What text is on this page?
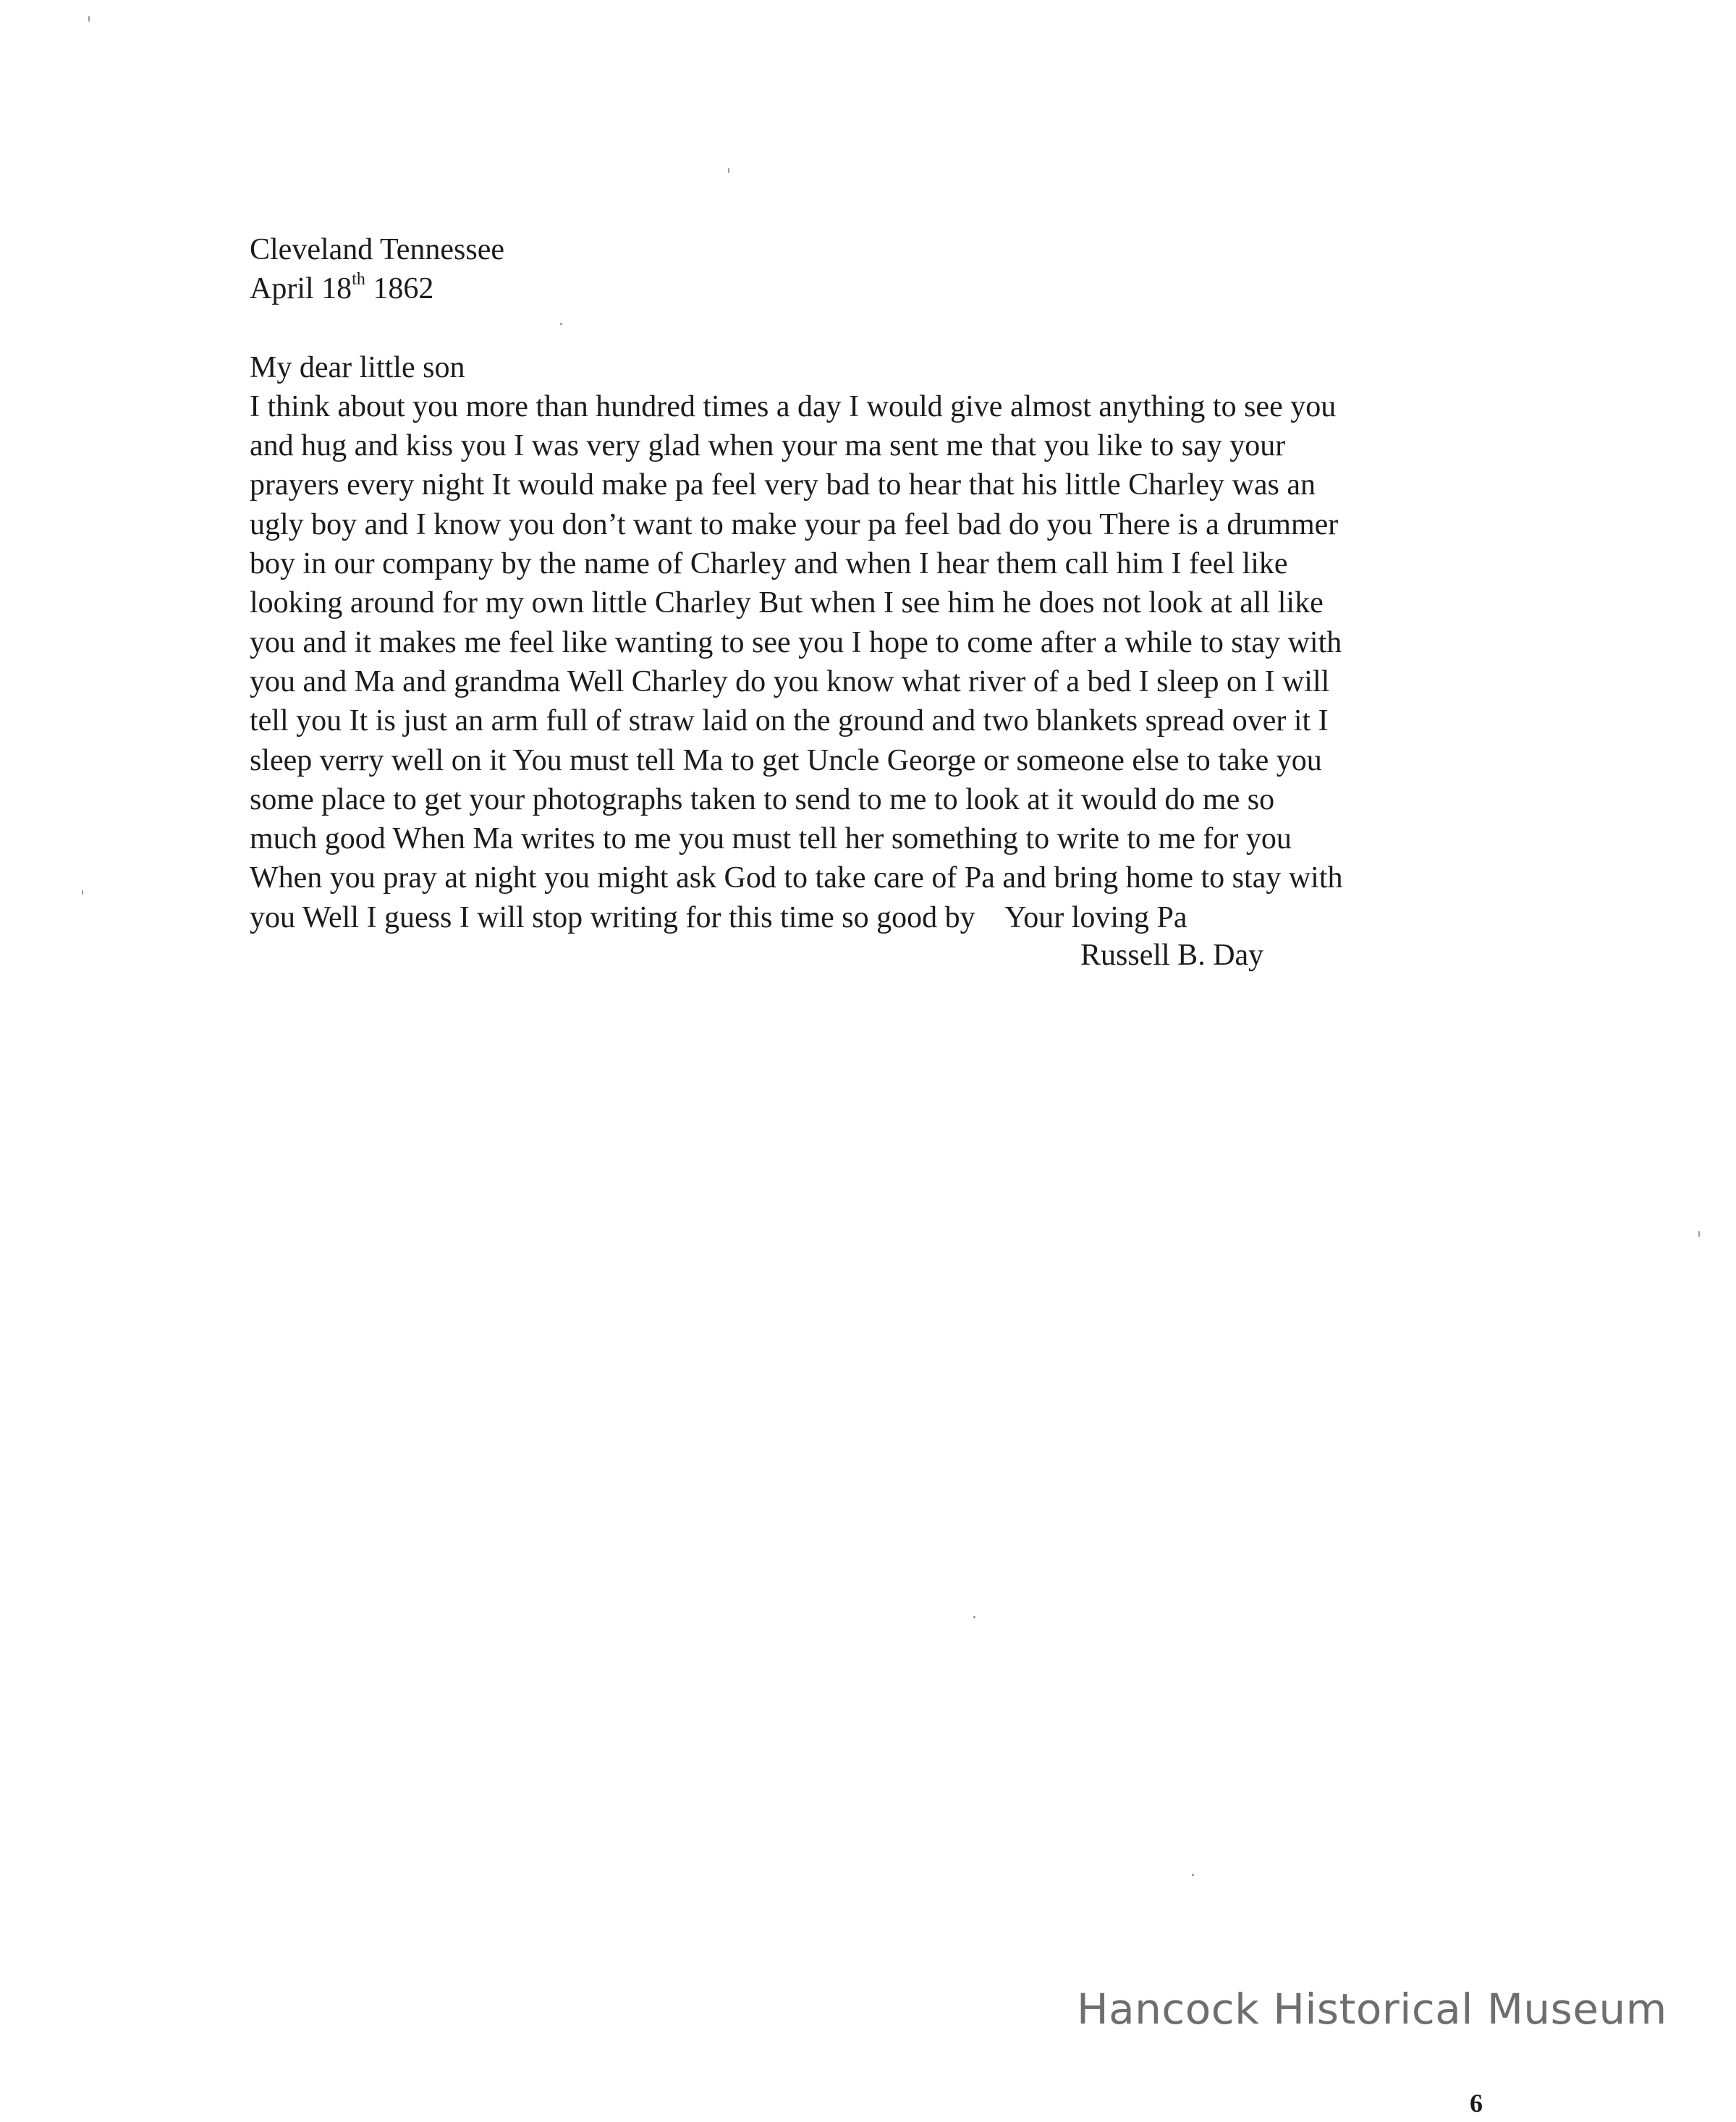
Cleveland Tennessee
April 18th 1862
My dear little son
I think about you more than hundred times a day I would give almost anything to see you
and hug and kiss you I was very glad when your ma sent me that you like to say your
prayers every night It would make pa feel very bad to hear that his little Charley was an
ugly boy and I know you don’t want to make your pa feel bad do you There is a drummer
boy in our company by the name of Charley and when I hear them call him I feel like
looking around for my own little Charley But when I see him he does not look at all like
you and it makes me feel like wanting to see you I hope to come after a while to stay with
you and Ma and grandma Well Charley do you know what river of a bed I sleep on I will
tell you It is just an arm full of straw laid on the ground and two blankets spread over it I
sleep verry well on it You must tell Ma to get Uncle George or someone else to take you
some place to get your photographs taken to send to me to look at it would do me so
much good When Ma writes to me you must tell her something to write to me for you
When you pray at night you might ask God to take care of Pa and bring home to stay with
you Well I guess I will stop writing for this time so good by    Your loving Pa
Russell B. Day
Hancock Historical Museum
6
